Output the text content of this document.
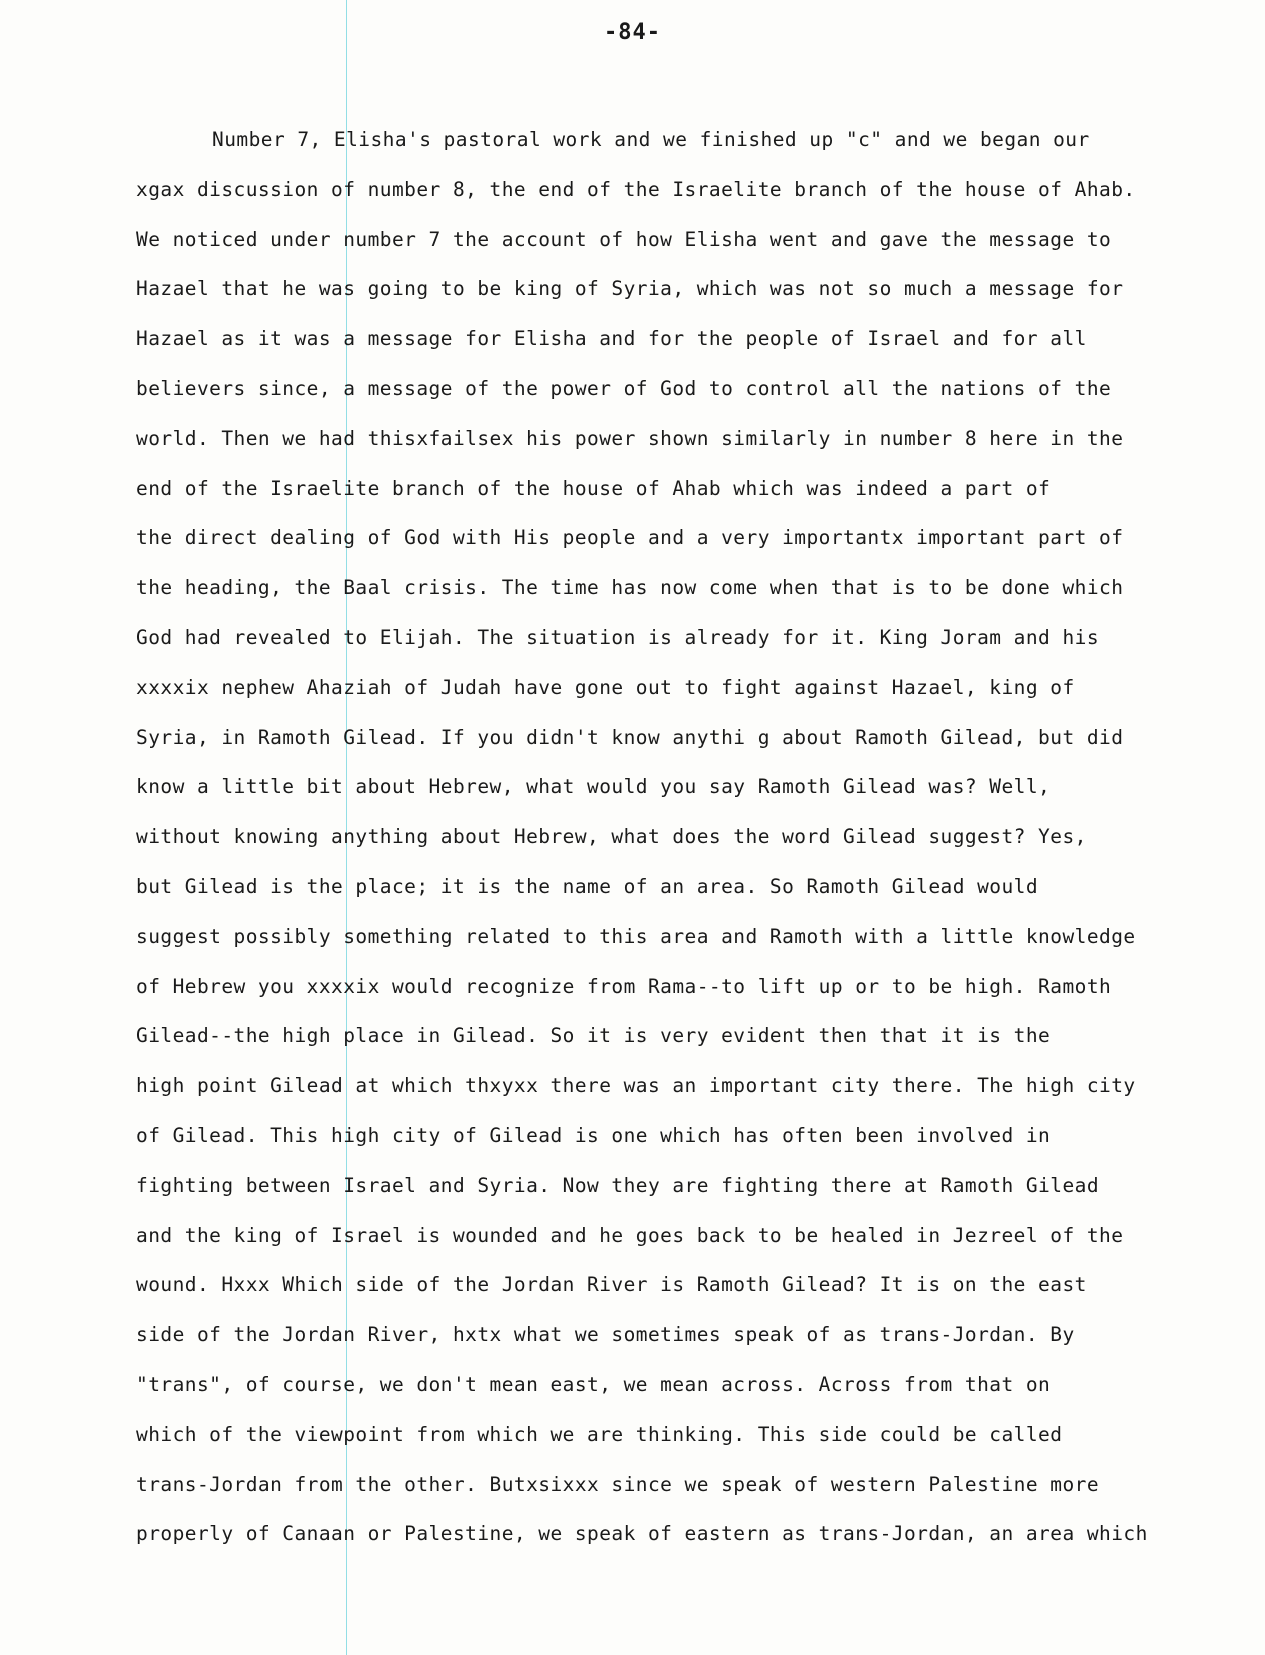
-84-
Number 7, Elisha's pastoral work and we finished up "c" and we began our
xgax discussion of number 8, the end of the Israelite branch of the house of Ahab.
We noticed under number 7 the account of how Elisha went and gave the message to
Hazael that he was going to be king of Syria, which was not so much a message for
Hazael as it was a message for Elisha and for the people of Israel and for all
believers since, a message of the power of God to control all the nations of the
world. Then we had thisxfailsex his power shown similarly in number 8 here in the
end of the Israelite branch of the house of Ahab which was indeed a part of
the direct dealing of God with His people and a very importantx important part of
the heading, the Baal crisis. The time has now come when that is to be done which
God had revealed to Elijah. The situation is already for it. King Joram and his
xxxxix nephew Ahaziah of Judah have gone out to fight against Hazael, king of
Syria, in Ramoth Gilead. If you didn't know anythi g about Ramoth Gilead, but did
know a little bit about Hebrew, what would you say Ramoth Gilead was? Well,
without knowing anything about Hebrew, what does the word Gilead suggest? Yes,
but Gilead is the place; it is the name of an area. So Ramoth Gilead would
suggest possibly something related to this area and Ramoth with a little knowledge
of Hebrew you xxxxix would recognize from Rama--to lift up or to be high. Ramoth
Gilead--the high place in Gilead. So it is very evident then that it is the
high point Gilead at which thxyxx there was an important city there. The high city
of Gilead. This high city of Gilead is one which has often been involved in
fighting between Israel and Syria. Now they are fighting there at Ramoth Gilead
and the king of Israel is wounded and he goes back to be healed in Jezreel of the
wound. Hxxx Which side of the Jordan River is Ramoth Gilead? It is on the east
side of the Jordan River, hxtx what we sometimes speak of as trans-Jordan. By
"trans", of course, we don't mean east, we mean across. Across from that on
which of the viewpoint from which we are thinking. This side could be called
trans-Jordan from the other. Butxsixxx since we speak of western Palestine more
properly of Canaan or Palestine, we speak of eastern as trans-Jordan, an area which
